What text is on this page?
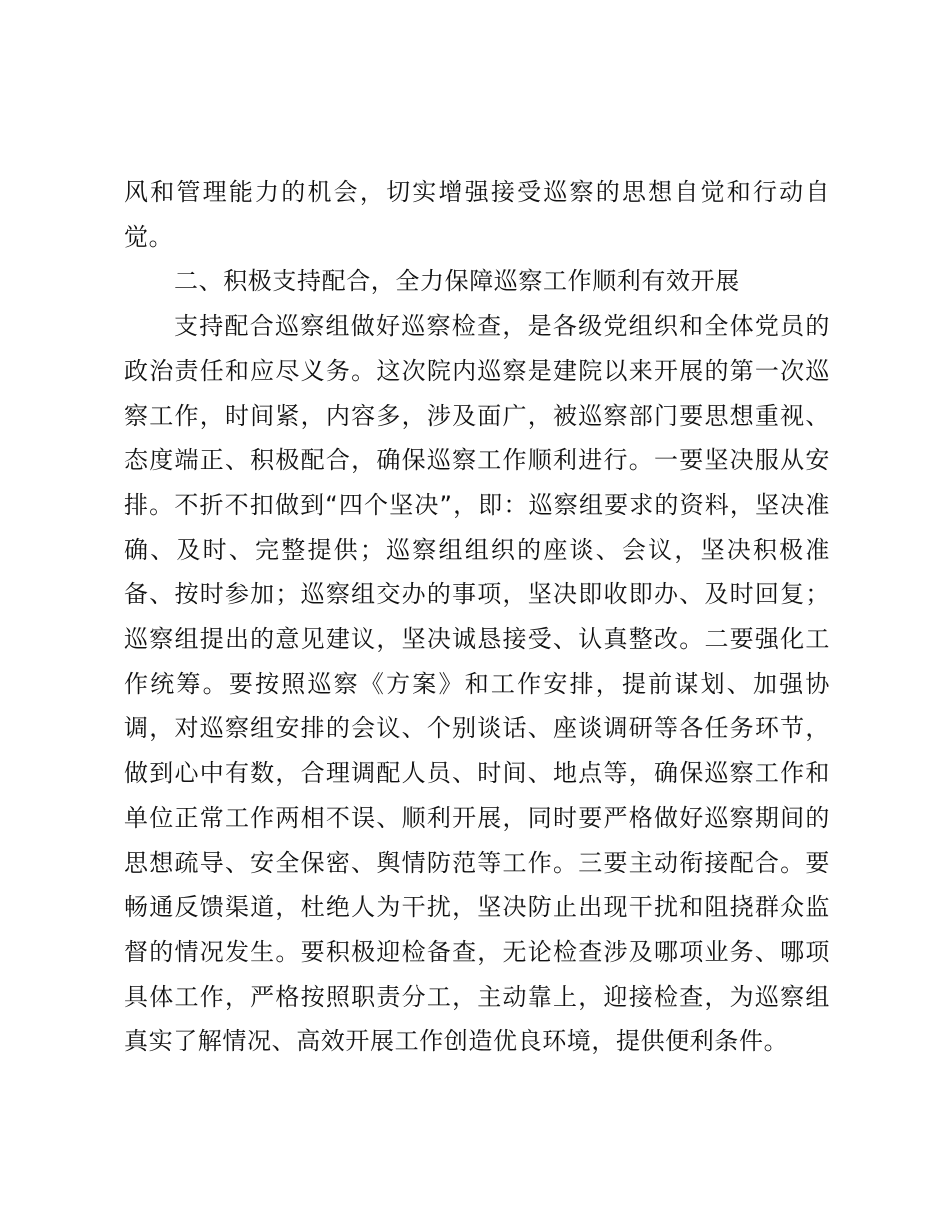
风和管理能力的机会，切实增强接受巡察的思想自觉和行动自觉。

二、积极支持配合，全力保障巡察工作顺利有效开展

支持配合巡察组做好巡察检查，是各级党组织和全体党员的政治责任和应尽义务。这次院内巡察是建院以来开展的第一次巡察工作，时间紧，内容多，涉及面广，被巡察部门要思想重视、态度端正、积极配合，确保巡察工作顺利进行。一要坚决服从安排。不折不扣做到“四个坚决”，即：巡察组要求的资料，坚决准确、及时、完整提供；巡察组组织的座谈、会议，坚决积极准备、按时参加；巡察组交办的事项，坚决即收即办、及时回复；巡察组提出的意见建议，坚决诚恳接受、认真整改。二要强化工作统筹。要按照巡察《方案》和工作安排，提前谋划、加强协调，对巡察组安排的会议、个别谈话、座谈调研等各任务环节，做到心中有数，合理调配人员、时间、地点等，确保巡察工作和单位正常工作两相不误、顺利开展，同时要严格做好巡察期间的思想疏导、安全保密、舆情防范等工作。三要主动衔接配合。要畅通反馈渠道，杜绝人为干扰，坚决防止出现干扰和阻挠群众监督的情况发生。要积极迎检备查，无论检查涉及哪项业务、哪项具体工作，严格按照职责分工，主动靠上，迎接检查，为巡察组真实了解情况、高效开展工作创造优良环境，提供便利条件。
